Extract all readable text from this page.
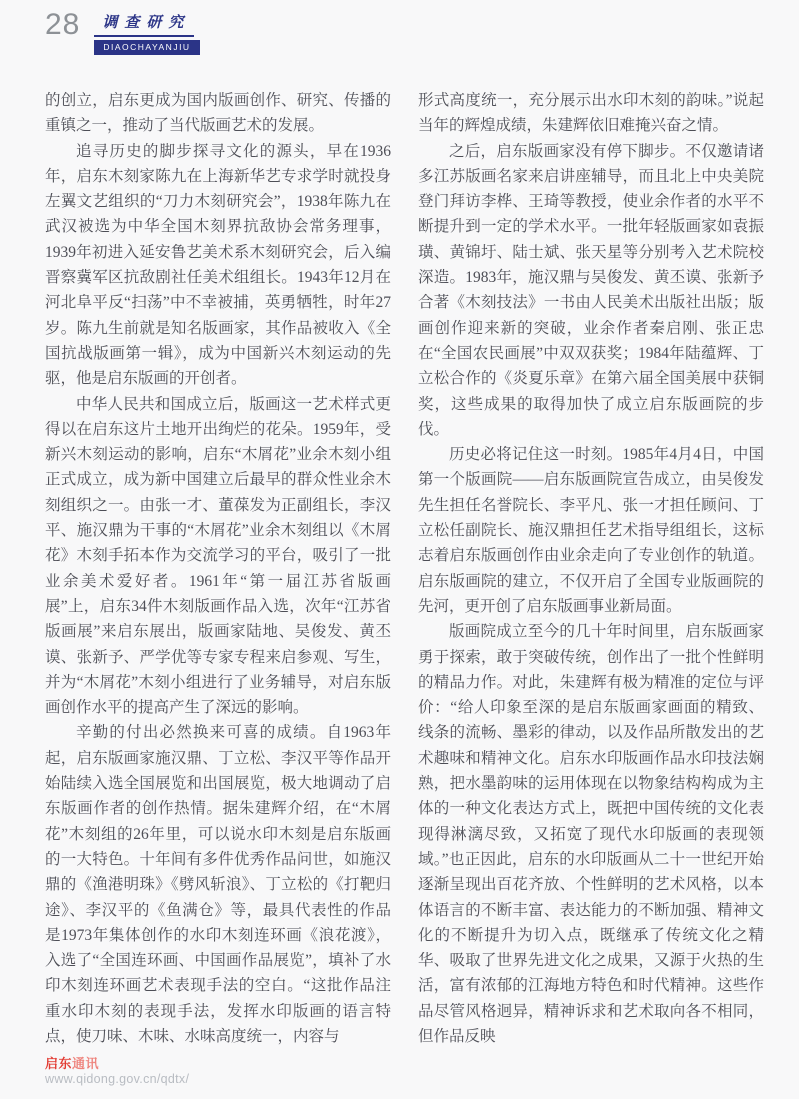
28	调查研究
DIAOCHAYANJIU

的创立，启东更成为国内版画创作、研究、传播的重镇之一，推动了当代版画艺术的发展。

追寻历史的脚步探寻文化的源头，早在1936年，启东木刻家陈九在上海新华艺专求学时就投身左翼文艺组织的“刀力木刻研究会”，1938年陈九在武汉被选为中华全国木刻界抗敌协会常务理事，1939年初进入延安鲁艺美术系木刻研究会，后入编晋察冀军区抗敌剧社任美术组组长。1943年12月在河北阜平反“扫荡”中不幸被捕，英勇牺牲，时年27岁。陈九生前就是知名版画家，其作品被收入《全国抗战版画第一辑》，成为中国新兴木刻运动的先驱，他是启东版画的开创者。

中华人民共和国成立后，版画这一艺术样式更得以在启东这片土地开出绚烂的花朵。1959年，受新兴木刻运动的影响，启东“木屑花”业余木刻小组正式成立，成为新中国建立后最早的群众性业余木刻组织之一。由张一才、董葆发为正副组长，李汉平、施汉鼎为干事的“木屑花”业余木刻组以《木屑花》木刻手拓本作为交流学习的平台，吸引了一批业余美术爱好者。1961年“第一届江苏省版画展”上，启东34件木刻版画作品入选，次年“江苏省版画展”来启东展出，版画家陆地、吴俊发、黄丕谟、张新予、严学优等专家专程来启参观、写生，并为“木屑花”木刻小组进行了业务辅导，对启东版画创作水平的提高产生了深远的影响。

辛勤的付出必然换来可喜的成绩。自1963年起，启东版画家施汉鼎、丁立松、李汉平等作品开始陆续入选全国展览和出国展览，极大地调动了启东版画作者的创作热情。据朱建辉介绍，在“木屑花”木刻组的26年里，可以说水印木刻是启东版画的一大特色。十年间有多件优秀作品问世，如施汉鼎的《渔港明珠》《劈风斩浪》、丁立松的《打靶归途》、李汉平的《鱼满仓》等，最具代表性的作品是1973年集体创作的水印木刻连环画《浪花渡》，入选了“全国连环画、中国画作品展览”，填补了水印木刻连环画艺术表现手法的空白。“这批作品注重水印木刻的表现手法，发挥水印版画的语言特点，使刀味、木味、水味高度统一，内容与

形式高度统一，充分展示出水印木刻的韵味。”说起当年的辉煌成绩，朱建辉依旧难掩兴奋之情。

之后，启东版画家没有停下脚步。不仅邀请诸多江苏版画名家来启讲座辅导，而且北上中央美院登门拜访李桦、王琦等教授，使业余作者的水平不断提升到一定的学术水平。一批年轻版画家如袁振璜、黄锦圩、陆士斌、张天星等分别考入艺术院校深造。1983年，施汉鼎与吴俊发、黄丕谟、张新予合著《木刻技法》一书由人民美术出版社出版；版画创作迎来新的突破，业余作者秦启刚、张正忠在“全国农民画展”中双双获奖；1984年陆蕴辉、丁立松合作的《炎夏乐章》在第六届全国美展中获铜奖，这些成果的取得加快了成立启东版画院的步伐。

历史必将记住这一时刻。1985年4月4日，中国第一个版画院——启东版画院宣告成立，由吴俊发先生担任名誉院长、李平凡、张一才担任顾问、丁立松任副院长、施汉鼎担任艺术指导组组长，这标志着启东版画创作由业余走向了专业创作的轨道。启东版画院的建立，不仅开启了全国专业版画院的先河，更开创了启东版画事业新局面。

版画院成立至今的几十年时间里，启东版画家勇于探索，敢于突破传统，创作出了一批个性鲜明的精品力作。对此，朱建辉有极为精准的定位与评价：“给人印象至深的是启东版画家画面的精致、线条的流畅、墨彩的律动，以及作品所散发出的艺术趣味和精神文化。启东水印版画作品水印技法娴熟，把水墨韵味的运用体现在以物象结构构成为主体的一种文化表达方式上，既把中国传统的文化表现得淋漓尽致，又拓宽了现代水印版画的表现领域。”也正因此，启东的水印版画从二十一世纪开始逐渐呈现出百花齐放、个性鲜明的艺术风格，以本体语言的不断丰富、表达能力的不断加强、精神文化的不断提升为切入点，既继承了传统文化之精华、吸取了世界先进文化之成果，又源于火热的生活，富有浓郁的江海地方特色和时代精神。这些作品尽管风格迥异，精神诉求和艺术取向各不相同，但作品反映

启东通讯
www.qidong.gov.cn/qdtx/
